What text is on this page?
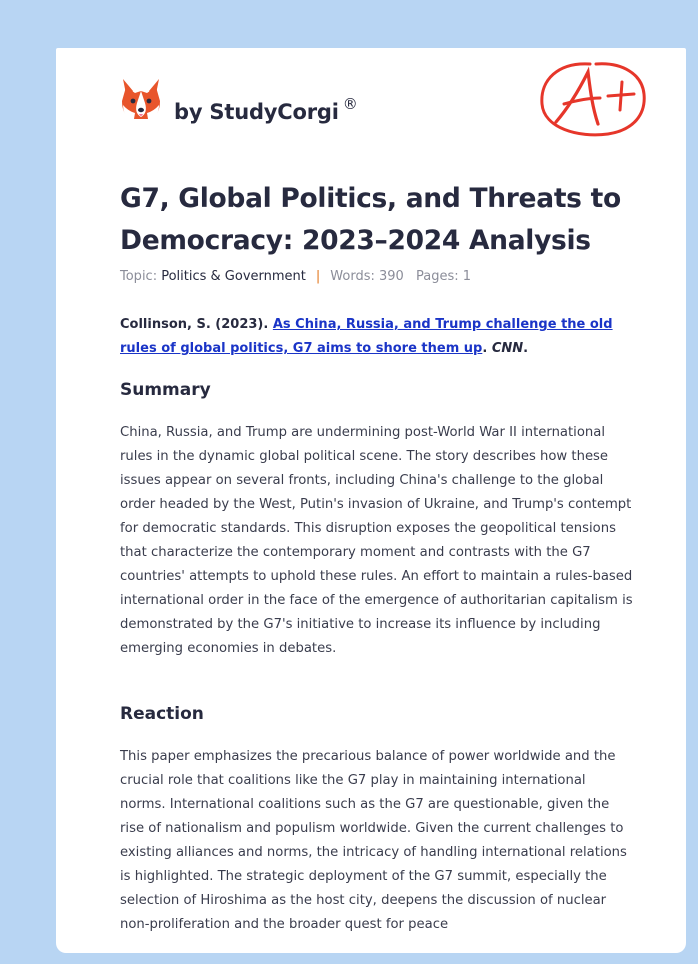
by StudyCorgi ®
G7, Global Politics, and Threats to Democracy: 2023–2024 Analysis
Topic: Politics & Government | Words: 390 Pages: 1
Collinson, S. (2023). As China, Russia, and Trump challenge the old rules of global politics, G7 aims to shore them up. CNN.
Summary

China, Russia, and Trump are undermining post-World War II international rules in the dynamic global political scene. The story describes how these issues appear on several fronts, including China's challenge to the global order headed by the West, Putin's invasion of Ukraine, and Trump's contempt for democratic standards. This disruption exposes the geopolitical tensions that characterize the contemporary moment and contrasts with the G7 countries' attempts to uphold these rules. An effort to maintain a rules-based international order in the face of the emergence of authoritarian capitalism is demonstrated by the G7's initiative to increase its influence by including emerging economies in debates.

Reaction

This paper emphasizes the precarious balance of power worldwide and the crucial role that coalitions like the G7 play in maintaining international norms. International coalitions such as the G7 are questionable, given the rise of nationalism and populism worldwide. Given the current challenges to existing alliances and norms, the intricacy of handling international relations is highlighted. The strategic deployment of the G7 summit, especially the selection of Hiroshima as the host city, deepens the discussion of nuclear non-proliferation and the broader quest for peace
